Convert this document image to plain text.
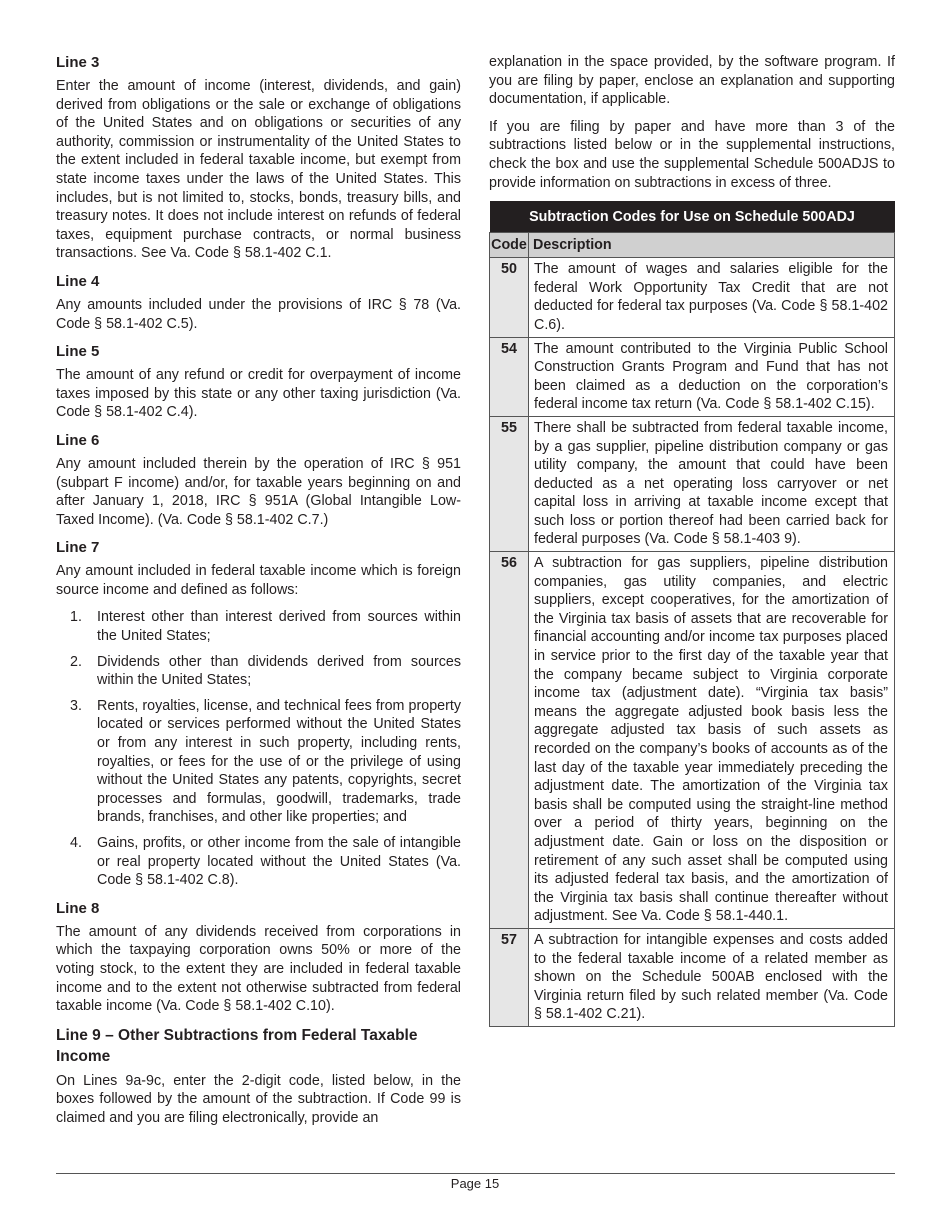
Line 3

Enter the amount of income (interest, dividends, and gain) derived from obligations or the sale or exchange of obligations of the United States and on obligations or securities of any authority, commission or instrumentality of the United States to the extent included in federal taxable income, but exempt from state income taxes under the laws of the United States. This includes, but is not limited to, stocks, bonds, treasury bills, and treasury notes. It does not include interest on refunds of federal taxes, equipment purchase contracts, or normal business transactions. See Va. Code § 58.1-402 C.1.

Line 4

Any amounts included under the provisions of IRC § 78 (Va. Code § 58.1-402 C.5).

Line 5

The amount of any refund or credit for overpayment of income taxes imposed by this state or any other taxing jurisdiction (Va. Code § 58.1-402 C.4).

Line 6

Any amount included therein by the operation of IRC § 951 (subpart F income) and/or, for taxable years beginning on and after January 1, 2018, IRC § 951A (Global Intangible Low-Taxed Income). (Va. Code § 58.1-402 C.7.)

Line 7

Any amount included in federal taxable income which is foreign source income and defined as follows:

1. Interest other than interest derived from sources within the United States;
2. Dividends other than dividends derived from sources within the United States;
3. Rents, royalties, license, and technical fees from property located or services performed without the United States or from any interest in such property, including rents, royalties, or fees for the use of or the privilege of using without the United States any patents, copyrights, secret processes and formulas, goodwill, trademarks, trade brands, franchises, and other like properties; and
4. Gains, profits, or other income from the sale of intangible or real property located without the United States (Va. Code § 58.1-402 C.8).
Line 8

The amount of any dividends received from corporations in which the taxpaying corporation owns 50% or more of the voting stock, to the extent they are included in federal taxable income and to the extent not otherwise subtracted from federal taxable income (Va. Code § 58.1-402 C.10).

Line 9 – Other Subtractions from Federal Taxable Income

On Lines 9a-9c, enter the 2-digit code, listed below, in the boxes followed by the amount of the subtraction. If Code 99 is claimed and you are filing electronically, provide an

explanation in the space provided, by the software program. If you are filing by paper, enclose an explanation and supporting documentation, if applicable.

If you are filing by paper and have more than 3 of the subtractions listed below or in the supplemental instructions, check the box and use the supplemental Schedule 500ADJS to provide information on subtractions in excess of three.

Subtraction Codes for Use on Schedule 500ADJ	
Code	Description
50	The amount of wages and salaries eligible for the federal Work Opportunity Tax Credit that are not deducted for federal tax purposes (Va. Code § 58.1-402 C.6).
54	The amount contributed to the Virginia Public School Construction Grants Program and Fund that has not been claimed as a deduction on the corporation’s federal income tax return (Va. Code § 58.1-402 C.15).
55	There shall be subtracted from federal taxable income, by a gas supplier, pipeline distribution company or gas utility company, the amount that could have been deducted as a net operating loss carryover or net capital loss in arriving at taxable income except that such loss or portion thereof had been carried back for federal purposes (Va. Code § 58.1-403 9).
56	A subtraction for gas suppliers, pipeline distribution companies, gas utility companies, and electric suppliers, except cooperatives, for the amortization of the Virginia tax basis of assets that are recoverable for financial accounting and/or income tax purposes placed in service prior to the first day of the taxable year that the company became subject to Virginia corporate income tax (adjustment date). “Virginia tax basis” means the aggregate adjusted book basis less the aggregate adjusted tax basis of such assets as recorded on the company’s books of accounts as of the last day of the taxable year immediately preceding the adjustment date. The amortization of the Virginia tax basis shall be computed using the straight-line method over a period of thirty years, beginning on the adjustment date. Gain or loss on the disposition or retirement of any such asset shall be computed using its adjusted federal tax basis, and the amortization of the Virginia tax basis shall continue thereafter without adjustment. See Va. Code § 58.1-440.1.
57	A subtraction for intangible expenses and costs added to the federal taxable income of a related member as shown on the Schedule 500AB enclosed with the Virginia return filed by such related member (Va. Code § 58.1-402 C.21).
Page 15
